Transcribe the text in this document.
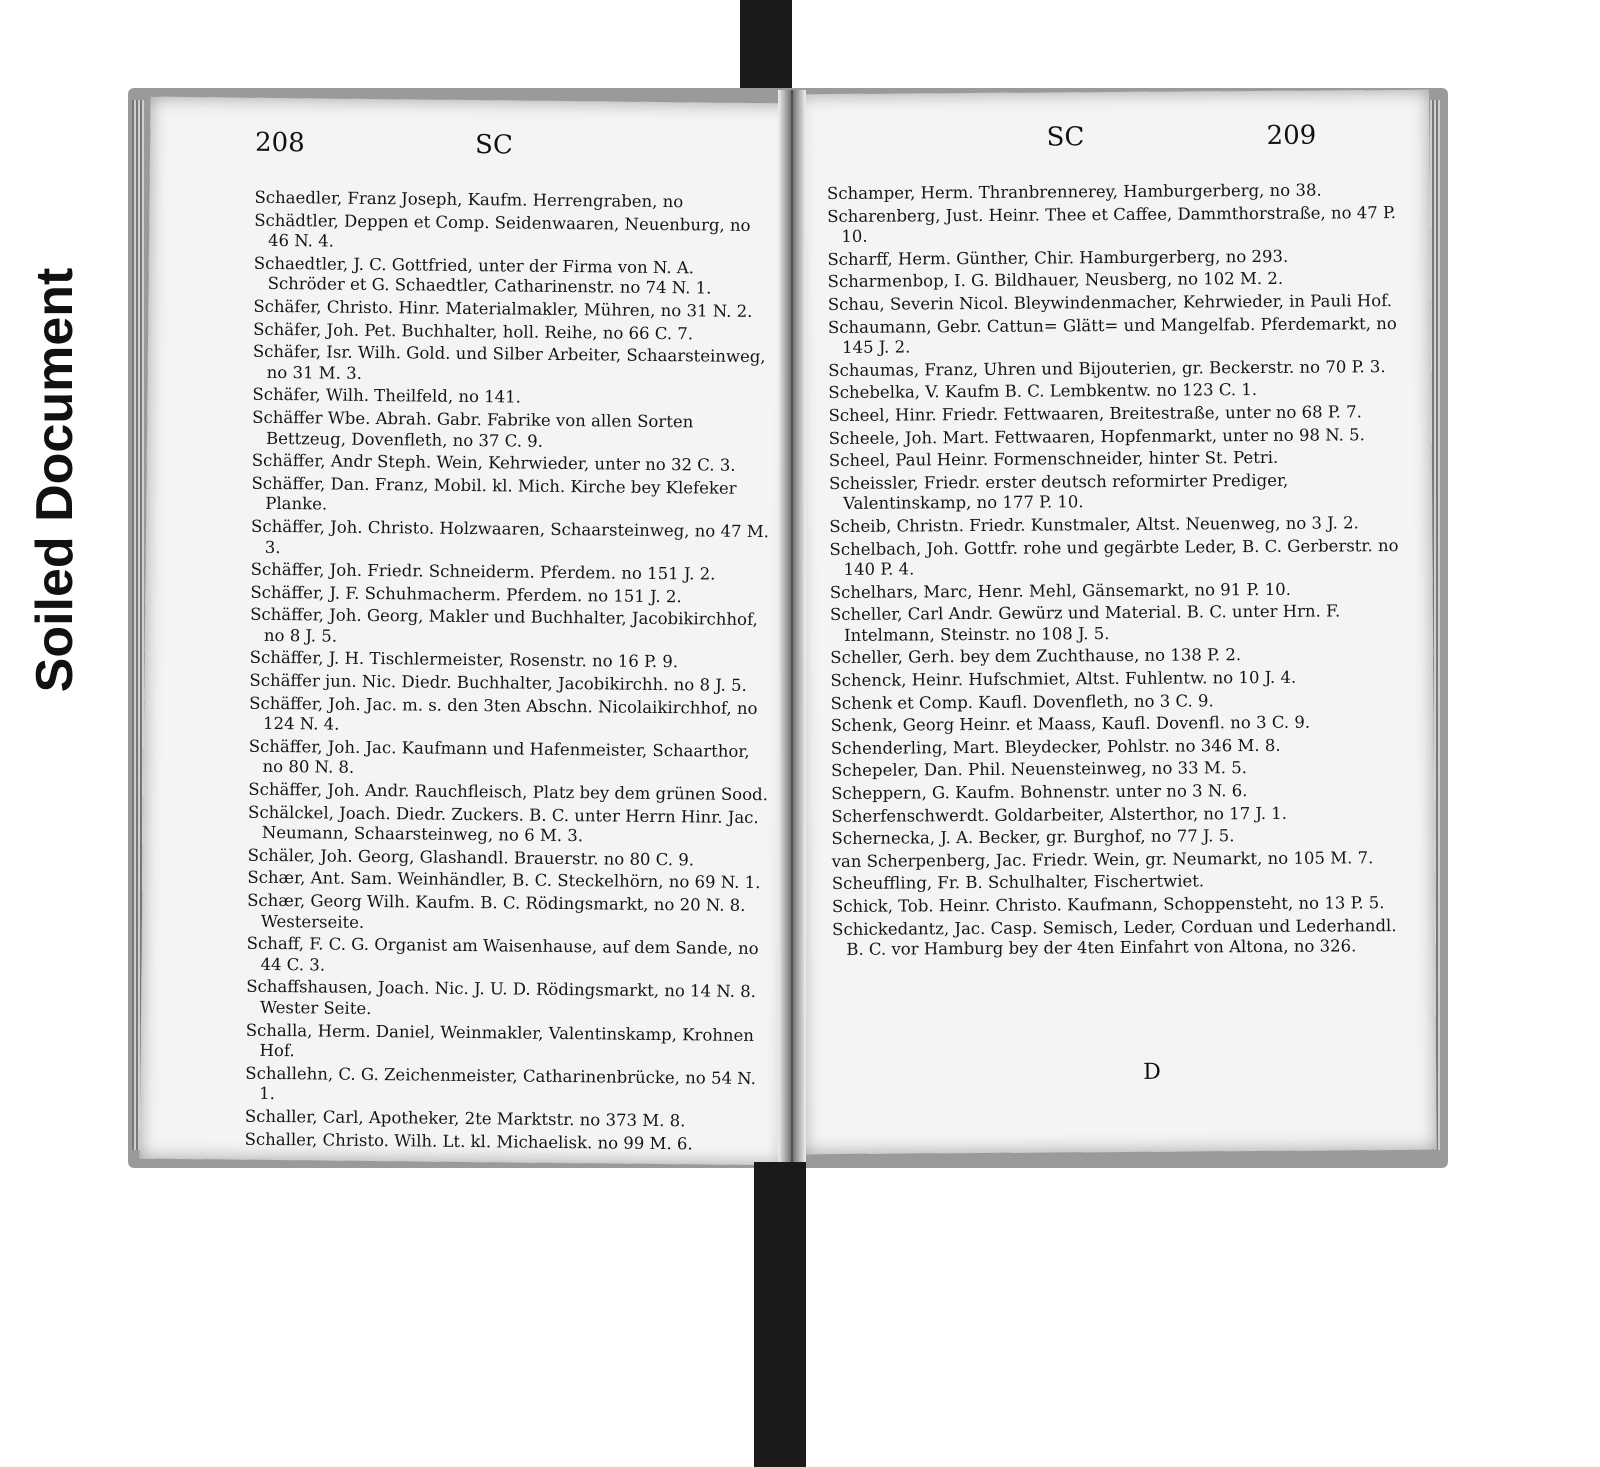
Soiled Document
208	SC
Schaedler, Franz Joseph, Kaufm. Herrengraben, no
Schädtler, Deppen et Comp. Seidenwaaren, Neuenburg, no 46 N. 4.
Schaedtler, J. C. Gottfried, unter der Firma von N. A. Schröder et G. Schaedtler, Catharinenstr. no 74 N. 1.
Schäfer, Christo. Hinr. Materialmakler, Mühren, no 31 N. 2.
Schäfer, Joh. Pet. Buchhalter, holl. Reihe, no 66 C. 7.
Schäfer, Isr. Wilh. Gold. und Silber Arbeiter, Schaarsteinweg, no 31 M. 3.
Schäfer, Wilh. Theilfeld, no 141.
Schäffer Wbe. Abrah. Gabr. Fabrike von allen Sorten Bettzeug, Dovenfleth, no 37 C. 9.
Schäffer, Andr Steph. Wein, Kehrwieder, unter no 32 C. 3.
Schäffer, Dan. Franz, Mobil. kl. Mich. Kirche bey Klefeker Planke.
Schäffer, Joh. Christo. Holzwaaren, Schaarsteinweg, no 47 M. 3.
Schäffer, Joh. Friedr. Schneiderm. Pferdem. no 151 J. 2.
Schäffer, J. F. Schuhmacherm. Pferdem. no 151 J. 2.
Schäffer, Joh. Georg, Makler und Buchhalter, Jacobikirchhof, no 8 J. 5.
Schäffer, J. H. Tischlermeister, Rosenstr. no 16 P. 9.
Schäffer jun. Nic. Diedr. Buchhalter, Jacobikirchh. no 8 J. 5.
Schäffer, Joh. Jac. m. s. den 3ten Abschn. Nicolaikirchhof, no 124 N. 4.
Schäffer, Joh. Jac. Kaufmann und Hafenmeister, Schaarthor, no 80 N. 8.
Schäffer, Joh. Andr. Rauchfleisch, Platz bey dem grünen Sood.
Schälckel, Joach. Diedr. Zuckers. B. C. unter Herrn Hinr. Jac. Neumann, Schaarsteinweg, no 6 M. 3.
Schäler, Joh. Georg, Glashandl. Brauerstr. no 80 C. 9.
Schær, Ant. Sam. Weinhändler, B. C. Steckelhörn, no 69 N. 1.
Schær, Georg Wilh. Kaufm. B. C. Rödingsmarkt, no 20 N. 8. Westerseite.
Schaff, F. C. G. Organist am Waisenhause, auf dem Sande, no 44 C. 3.
Schaffshausen, Joach. Nic. J. U. D. Rödingsmarkt, no 14 N. 8. Wester Seite.
Schalla, Herm. Daniel, Weinmakler, Valentinskamp, Krohnen Hof.
Schallehn, C. G. Zeichenmeister, Catharinenbrücke, no 54 N. 1.
Schaller, Carl, Apotheker, 2te Marktstr. no 373 M. 8.
Schaller, Christo. Wilh. Lt. kl. Michaelisk. no 99 M. 6.
SC	209
Schamper, Herm. Thranbrennerey, Hamburgerberg, no 38.
Scharenberg, Just. Heinr. Thee et Caffee, Dammthorstraße, no 47 P. 10.
Scharff, Herm. Günther, Chir. Hamburgerberg, no 293.
Scharmenbop, I. G. Bildhauer, Neusberg, no 102 M. 2.
Schau, Severin Nicol. Bleywindenmacher, Kehrwieder, in Pauli Hof.
Schaumann, Gebr. Cattun= Glätt= und Mangelfab. Pferdemarkt, no 145 J. 2.
Schaumas, Franz, Uhren und Bijouterien, gr. Beckerstr. no 70 P. 3.
Schebelka, V. Kaufm B. C. Lembkentw. no 123 C. 1.
Scheel, Hinr. Friedr. Fettwaaren, Breitestraße, unter no 68 P. 7.
Scheele, Joh. Mart. Fettwaaren, Hopfenmarkt, unter no 98 N. 5.
Scheel, Paul Heinr. Formenschneider, hinter St. Petri.
Scheissler, Friedr. erster deutsch reformirter Prediger, Valentinskamp, no 177 P. 10.
Scheib, Christn. Friedr. Kunstmaler, Altst. Neuenweg, no 3 J. 2.
Schelbach, Joh. Gottfr. rohe und gegärbte Leder, B. C. Gerberstr. no 140 P. 4.
Schelhars, Marc, Henr. Mehl, Gänsemarkt, no 91 P. 10.
Scheller, Carl Andr. Gewürz und Material. B. C. unter Hrn. F. Intelmann, Steinstr. no 108 J. 5.
Scheller, Gerh. bey dem Zuchthause, no 138 P. 2.
Schenck, Heinr. Hufschmiet, Altst. Fuhlentw. no 10 J. 4.
Schenk et Comp. Kaufl. Dovenfleth, no 3 C. 9.
Schenk, Georg Heinr. et Maass, Kaufl. Dovenfl. no 3 C. 9.
Schenderling, Mart. Bleydecker, Pohlstr. no 346 M. 8.
Schepeler, Dan. Phil. Neuensteinweg, no 33 M. 5.
Scheppern, G. Kaufm. Bohnenstr. unter no 3 N. 6.
Scherfenschwerdt. Goldarbeiter, Alsterthor, no 17 J. 1.
Schernecka, J. A. Becker, gr. Burghof, no 77 J. 5.
van Scherpenberg, Jac. Friedr. Wein, gr. Neumarkt, no 105 M. 7.
Scheuffling, Fr. B. Schulhalter, Fischertwiet.
Schick, Tob. Heinr. Christo. Kaufmann, Schoppensteht, no 13 P. 5.
Schickedantz, Jac. Casp. Semisch, Leder, Corduan und Lederhandl. B. C. vor Hamburg bey der 4ten Einfahrt von Altona, no 326.
D
